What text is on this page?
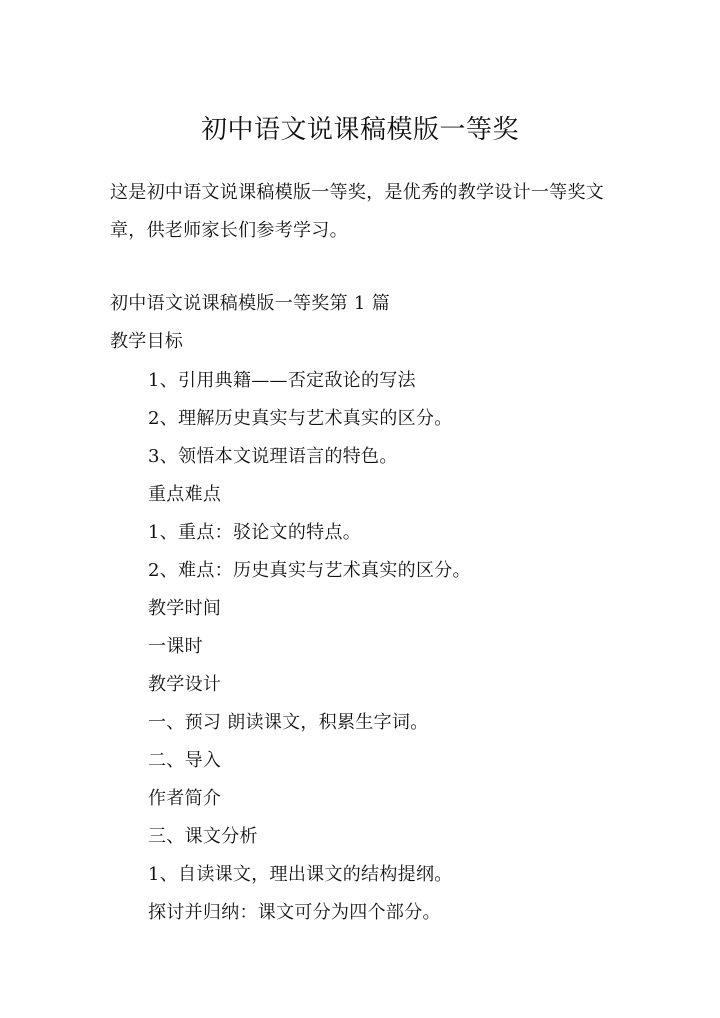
初中语文说课稿模版一等奖
这是初中语文说课稿模版一等奖，是优秀的教学设计一等奖文章，供老师家长们参考学习。
初中语文说课稿模版一等奖第 1 篇
教学目标
1、引用典籍——否定敌论的写法
2、理解历史真实与艺术真实的区分。
3、领悟本文说理语言的特色。
重点难点
1、重点：驳论文的特点。
2、难点：历史真实与艺术真实的区分。
教学时间
一课时
教学设计
一、预习 朗读课文，积累生字词。
二、导入
作者简介
三、课文分析
1、自读课文，理出课文的结构提纲。
探讨并归纳：课文可分为四个部分。
